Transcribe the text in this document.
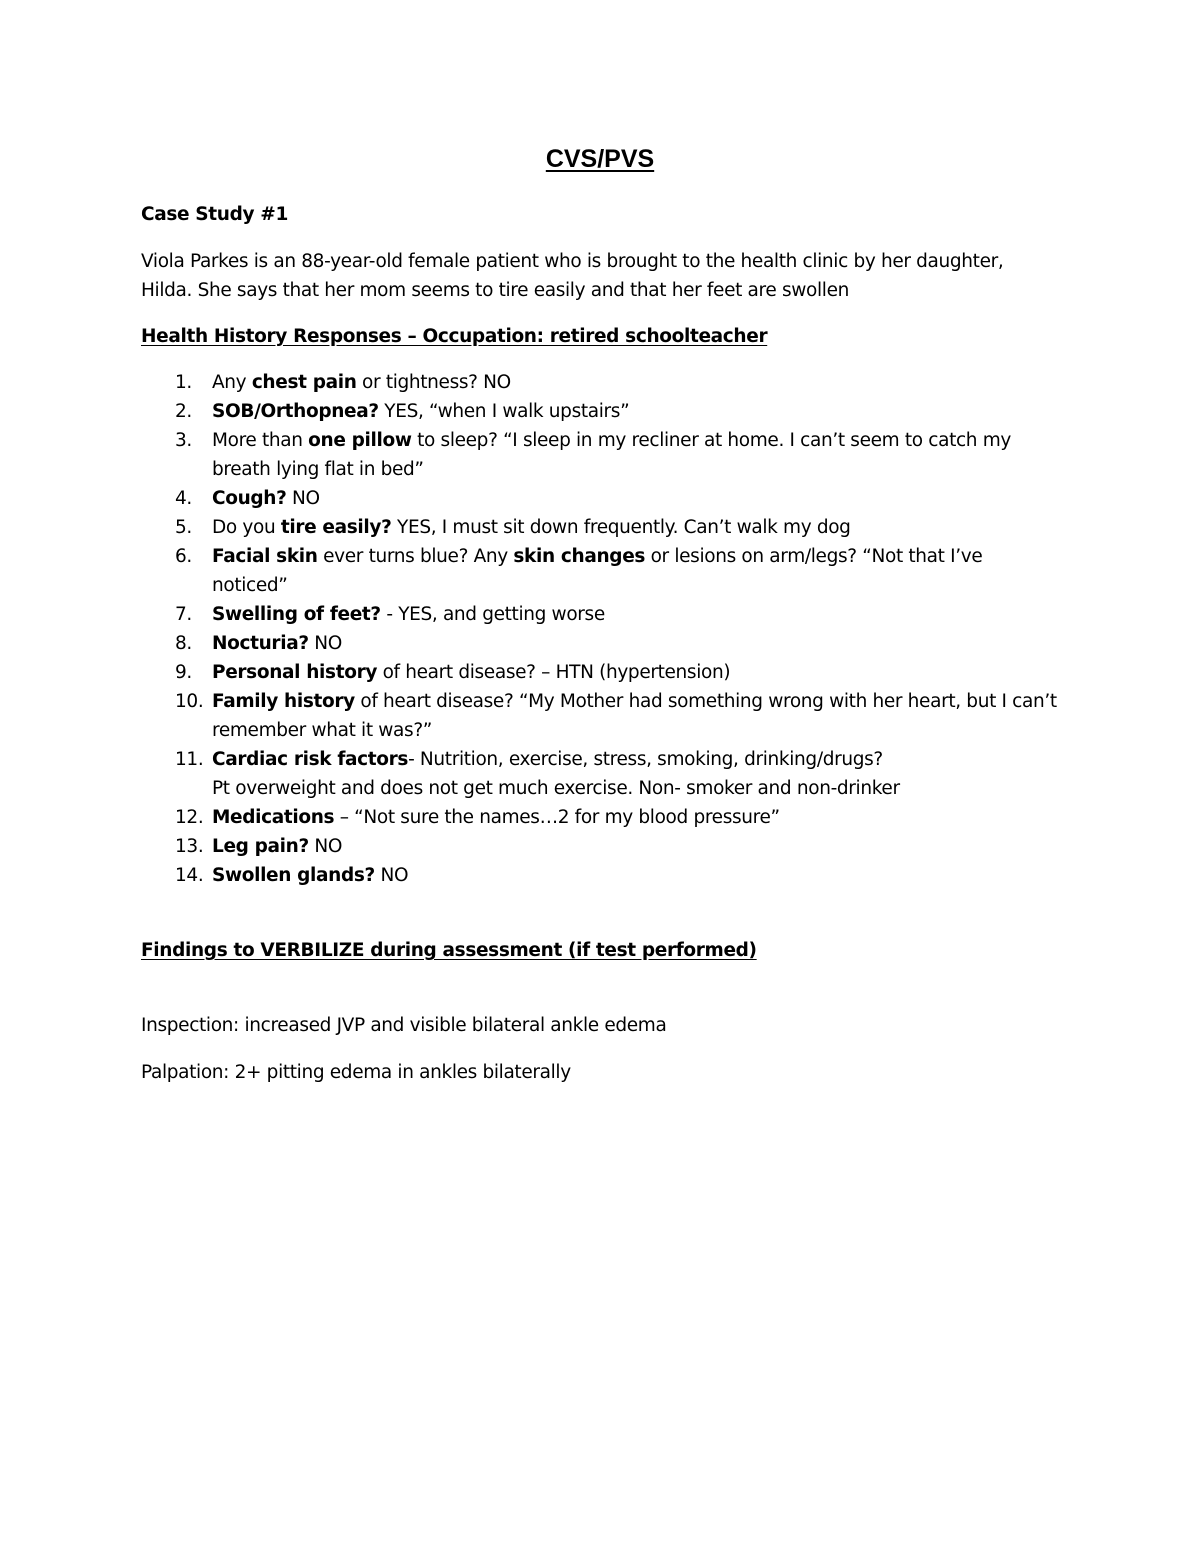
CVS/PVS

Case Study #1

Viola Parkes is an 88-year-old female patient who is brought to the health clinic by her daughter,
Hilda. She says that her mom seems to tire easily and that her feet are swollen

Health History Responses – Occupation: retired schoolteacher

1. Any chest pain or tightness? NO
2. SOB/Orthopnea? YES, “when I walk upstairs”
3. More than one pillow to sleep? “I sleep in my recliner at home. I can’t seem to catch my breath lying flat in bed”
4. Cough? NO
5. Do you tire easily? YES, I must sit down frequently. Can’t walk my dog
6. Facial skin ever turns blue? Any skin changes or lesions on arm/legs? “Not that I’ve noticed”
7. Swelling of feet? - YES, and getting worse
8. Nocturia? NO
9. Personal history of heart disease? – HTN (hypertension)
10. Family history of heart disease? “My Mother had something wrong with her heart, but I can’t remember what it was?”
11. Cardiac risk factors- Nutrition, exercise, stress, smoking, drinking/drugs?
Pt overweight and does not get much exercise. Non- smoker and non-drinker
12. Medications – “Not sure the names…2 for my blood pressure”
13. Leg pain? NO
14. Swollen glands? NO

Findings to VERBILIZE during assessment (if test performed)

Inspection: increased JVP and visible bilateral ankle edema

Palpation: 2+ pitting edema in ankles bilaterally
